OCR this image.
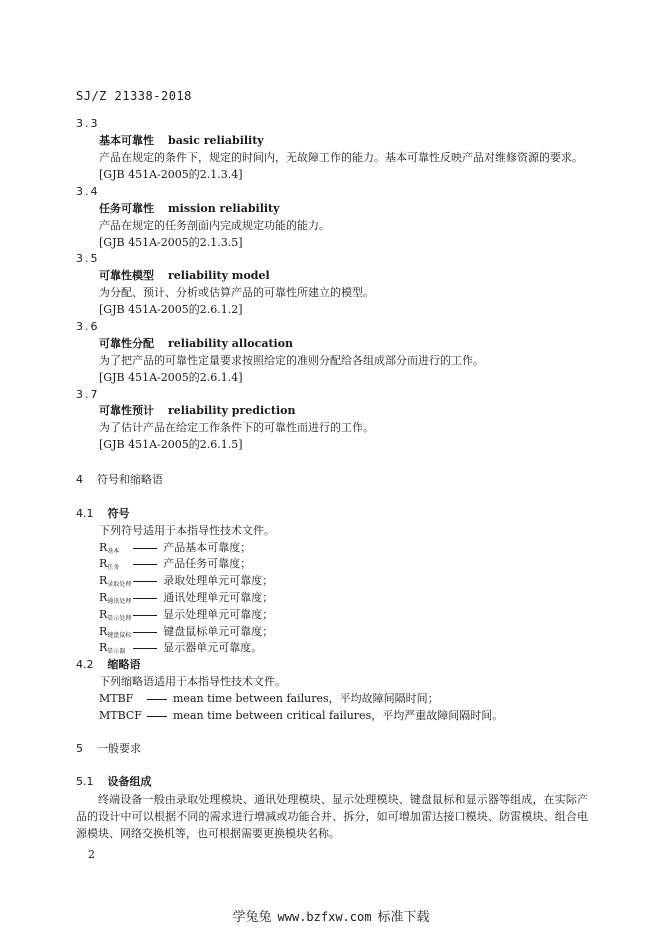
SJ/Z 21338-2018
3.3
基本可靠性 basic reliability
产品在规定的条件下，规定的时间内，无故障工作的能力。基本可靠性反映产品对维修资源的要求。
[GJB 451A-2005的2.1.3.4]
3.4
任务可靠性 mission reliability
产品在规定的任务剖面内完成规定功能的能力。
[GJB 451A-2005的2.1.3.5]
3.5
可靠性模型 reliability model
为分配、预计、分析或估算产品的可靠性所建立的模型。
[GJB 451A-2005的2.6.1.2]
3.6
可靠性分配 reliability allocation
为了把产品的可靠性定量要求按照给定的准则分配给各组成部分而进行的工作。
[GJB 451A-2005的2.6.1.4]
3.7
可靠性预计 reliability prediction
为了估计产品在给定工作条件下的可靠性而进行的工作。
[GJB 451A-2005的2.6.1.5]
4 符号和缩略语
4.1 符号
下列符号适用于本指导性技术文件。
R基本	产品基本可靠度；
R任务	产品任务可靠度；
R录取处理	录取处理单元可靠度；
R通讯处理	通讯处理单元可靠度；
R显示处理	显示处理单元可靠度；
R键盘鼠标	键盘鼠标单元可靠度；
R显示器	显示器单元可靠度。
4.2 缩略语
下列缩略语适用于本指导性技术文件。
MTBF	mean time between failures，平均故障间隔时间；
MTBCF	mean time between critical failures，平均严重故障间隔时间。
5 一般要求
5.1 设备组成
终端设备一般由录取处理模块、通讯处理模块、显示处理模块、键盘鼠标和显示器等组成，在实际产品的设计中可以根据不同的需求进行增减或功能合并、拆分，如可增加雷达接口模块、防雷模块、组合电源模块、网络交换机等，也可根据需要更换模块名称。
2
学兔兔 www.bzfxw.com 标准下载
